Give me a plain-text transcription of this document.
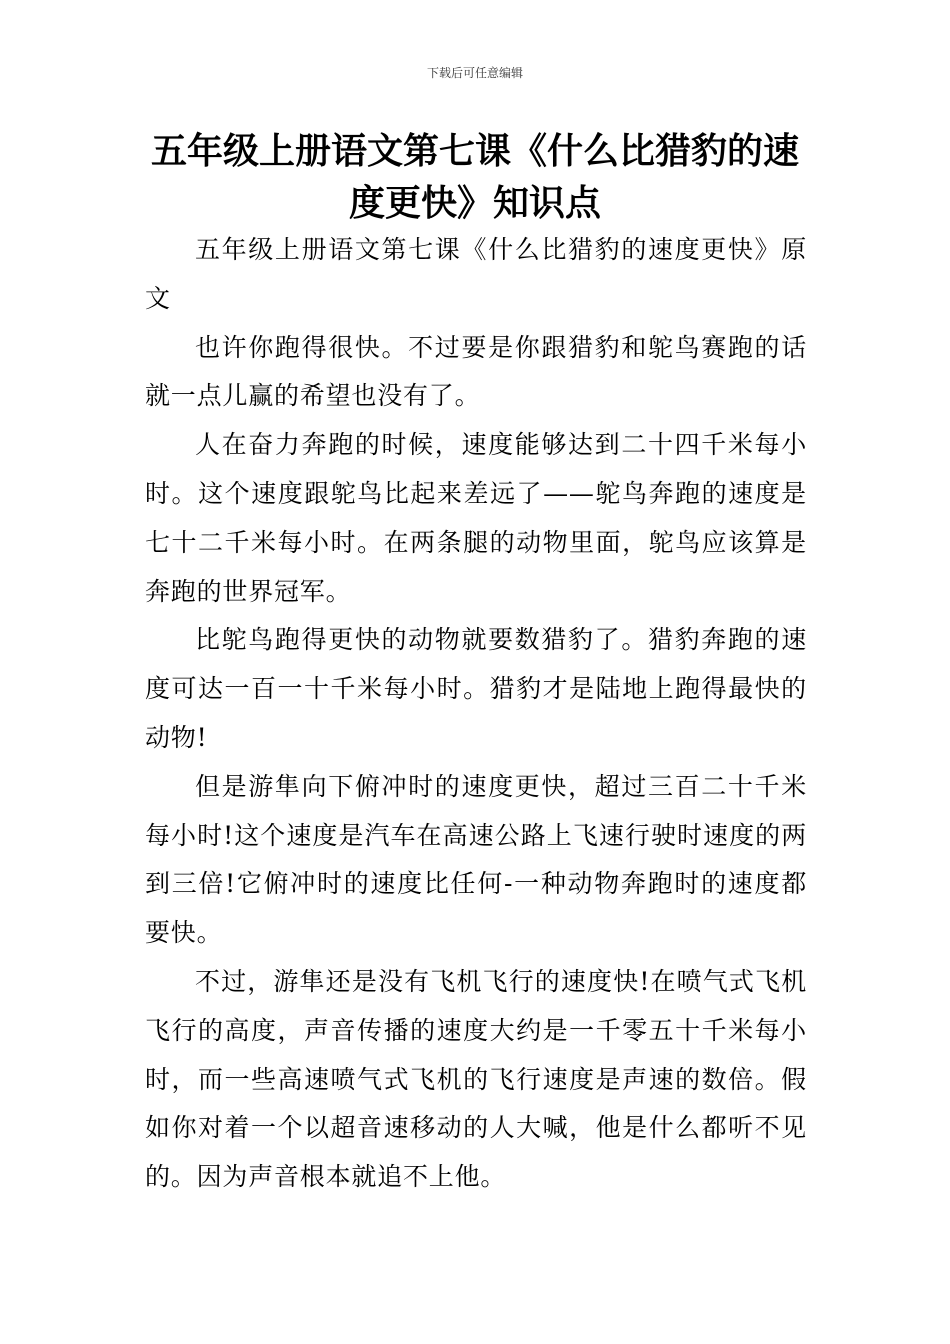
下载后可任意编辑
五年级上册语文第七课《什么比猎豹的速度更快》知识点

五年级上册语文第七课《什么比猎豹的速度更快》原文

也许你跑得很快。不过要是你跟猎豹和鸵鸟赛跑的话就一点儿赢的希望也没有了。

人在奋力奔跑的时候，速度能够达到二十四千米每小时。这个速度跟鸵鸟比起来差远了——鸵鸟奔跑的速度是七十二千米每小时。在两条腿的动物里面，鸵鸟应该算是奔跑的世界冠军。

比鸵鸟跑得更快的动物就要数猎豹了。猎豹奔跑的速度可达一百一十千米每小时。猎豹才是陆地上跑得最快的动物!

但是游隼向下俯冲时的速度更快，超过三百二十千米每小时!这个速度是汽车在高速公路上飞速行驶时速度的两到三倍!它俯冲时的速度比任何-一种动物奔跑时的速度都要快。

不过，游隼还是没有飞机飞行的速度快!在喷气式飞机飞行的高度，声音传播的速度大约是一千零五十千米每小时，而一些高速喷气式飞机的飞行速度是声速的数倍。假如你对着一个以超音速移动的人大喊，他是什么都听不见的。因为声音根本就追不上他。
